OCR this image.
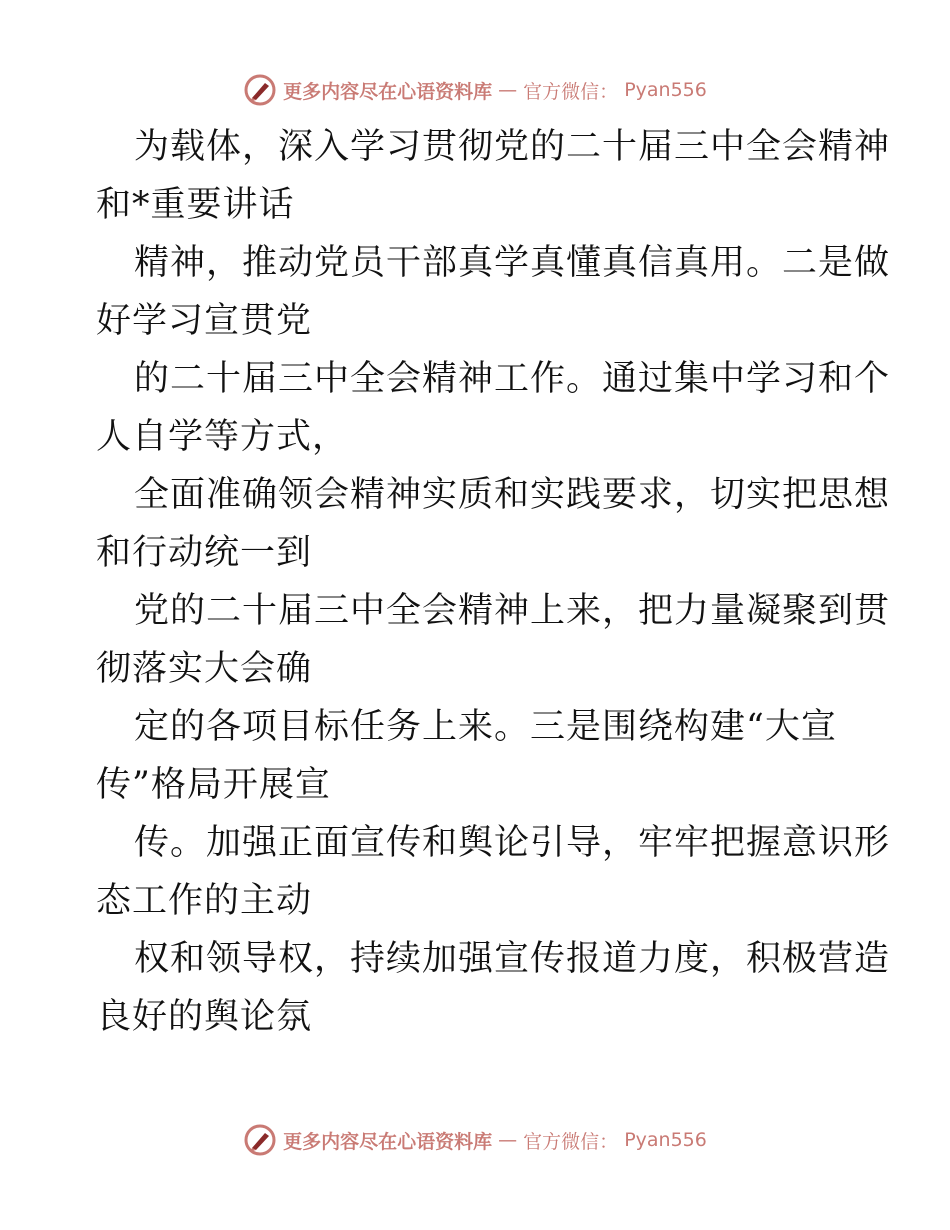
更多内容尽在心语资料库 — 官方微信： Pyan556
为载体，深入学习贯彻党的二十届三中全会精神
和*重要讲话
精神，推动党员干部真学真懂真信真用。二是做
好学习宣贯党
的二十届三中全会精神工作。通过集中学习和个
人自学等方式，
全面准确领会精神实质和实践要求，切实把思想
和行动统一到
党的二十届三中全会精神上来，把力量凝聚到贯
彻落实大会确
定的各项目标任务上来。三是围绕构建“大宣
传”格局开展宣
传。加强正面宣传和舆论引导，牢牢把握意识形
态工作的主动
权和领导权，持续加强宣传报道力度，积极营造
良好的舆论氛
更多内容尽在心语资料库 — 官方微信： Pyan556
